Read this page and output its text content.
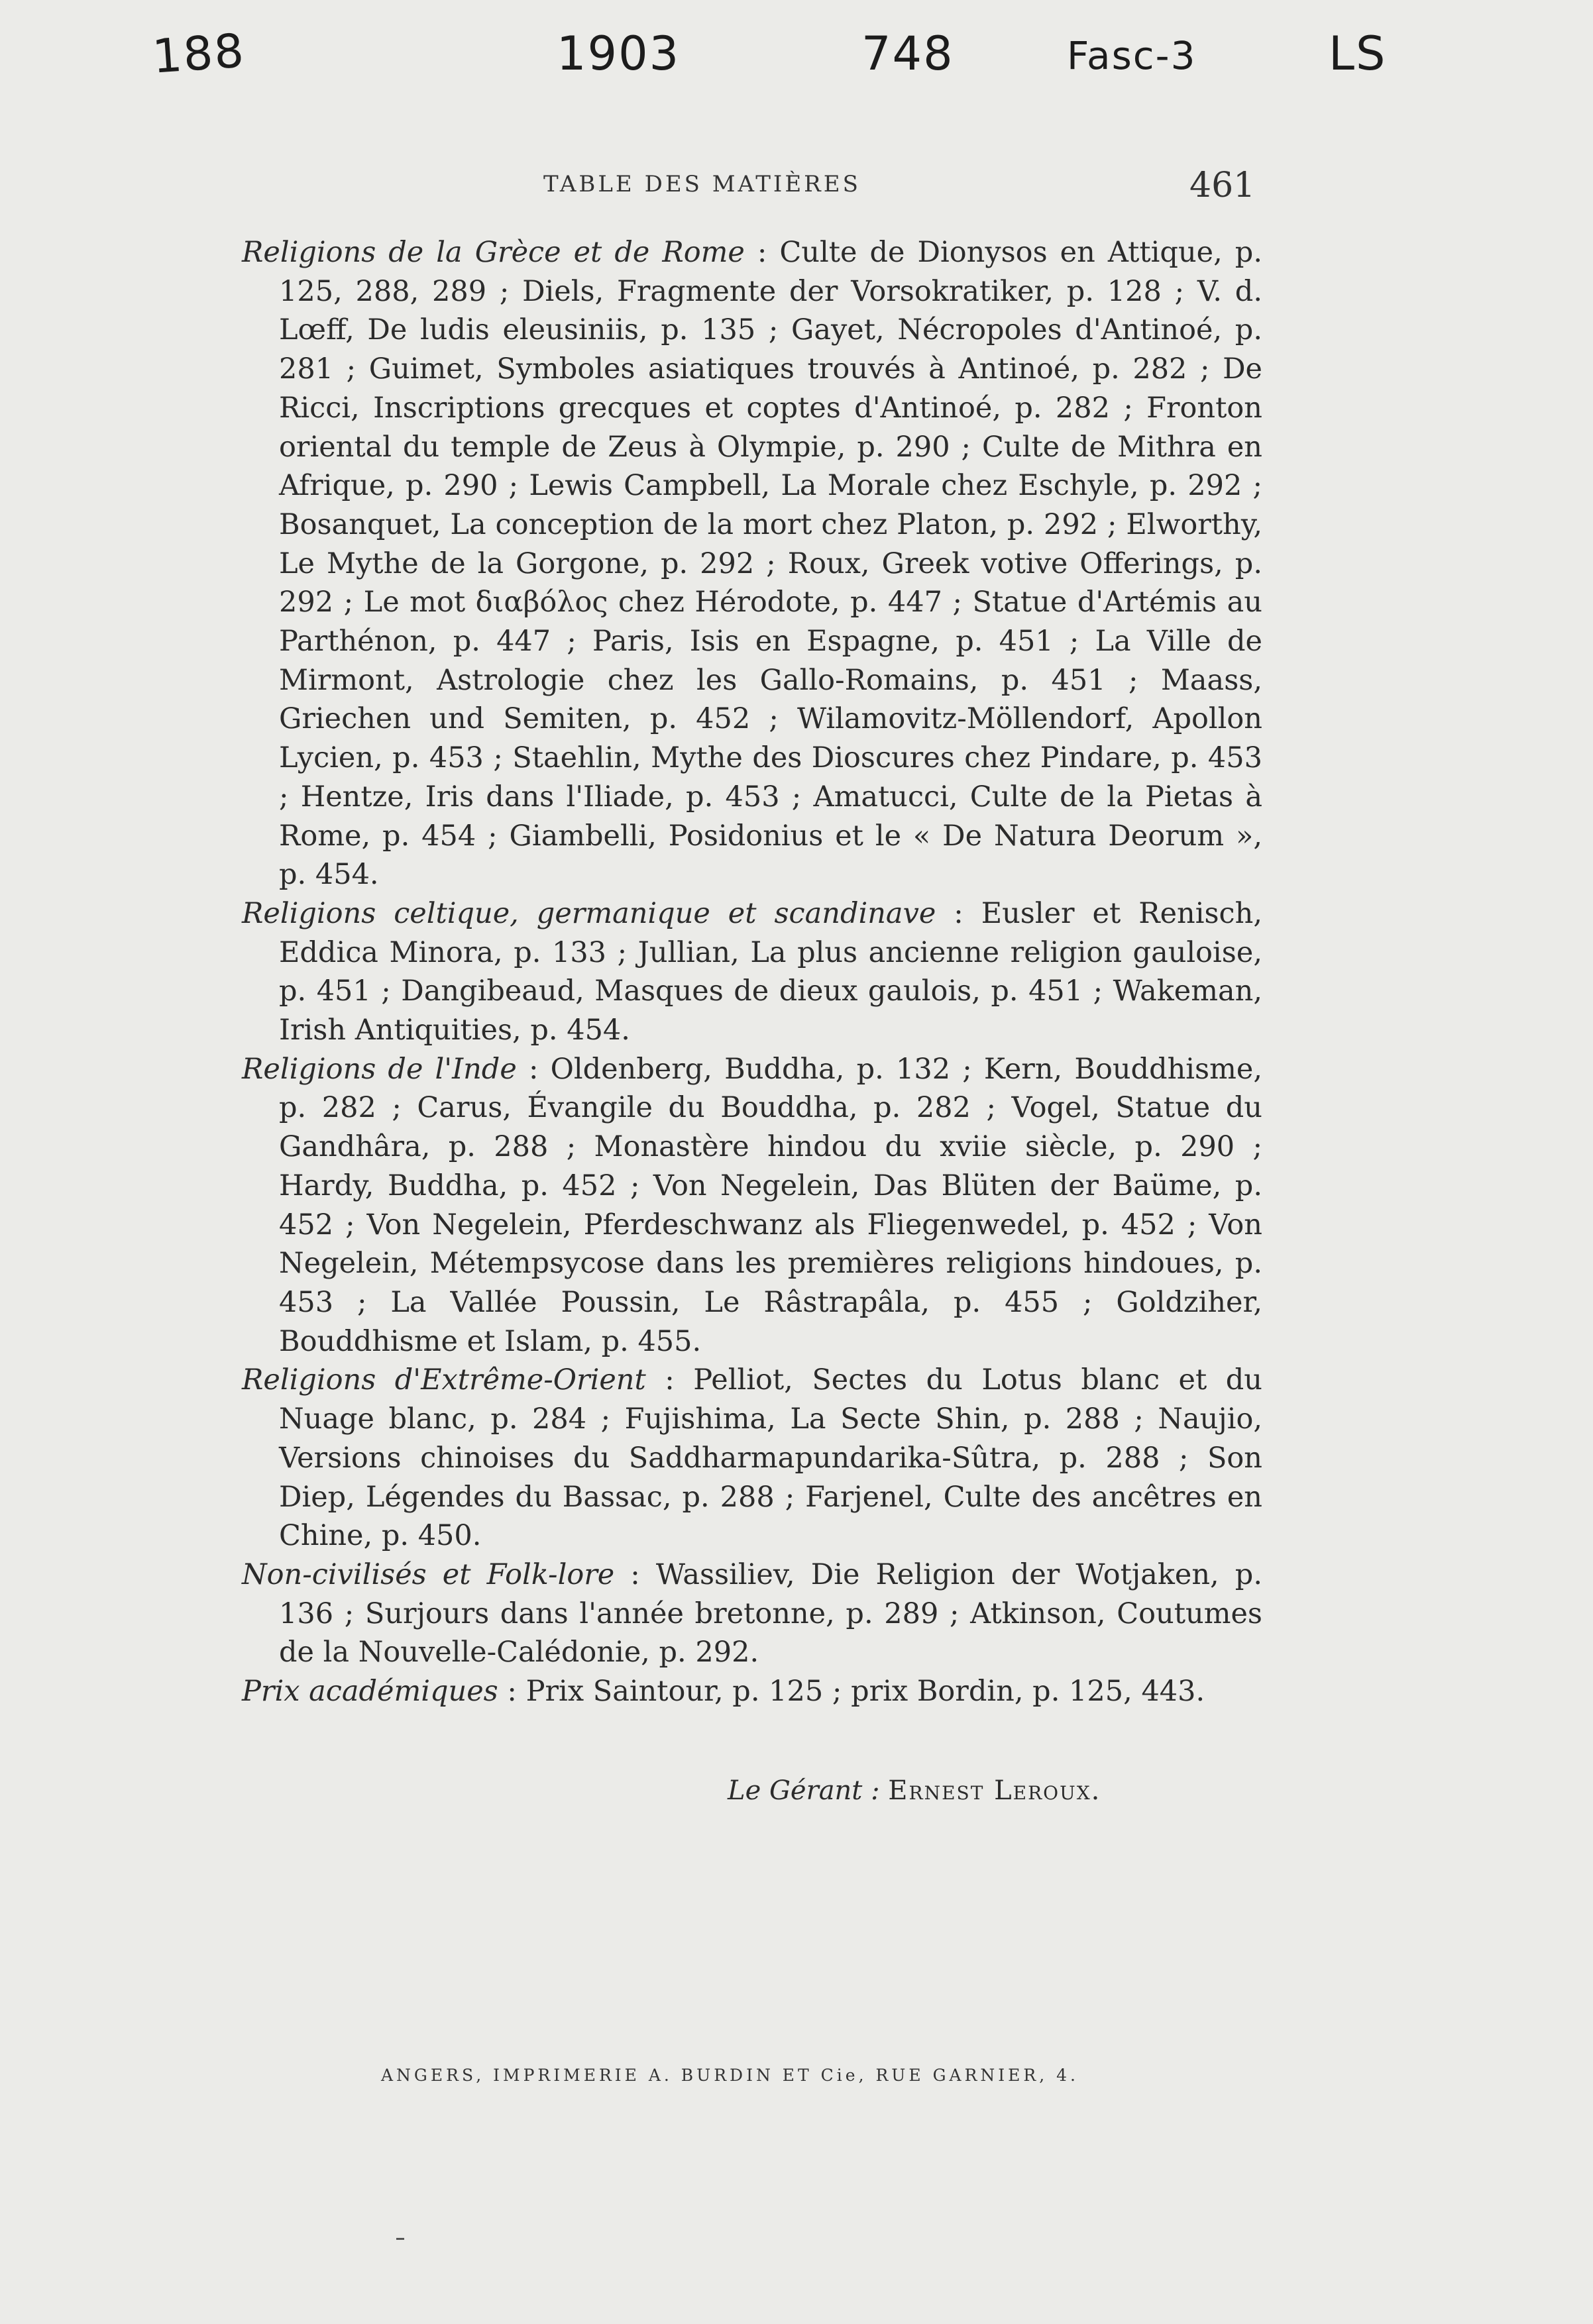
188	1903	748	Fasc-3	LS
TABLE DES MATIÈRES	461

Religions de la Grèce et de Rome : Culte de Dionysos en Attique, p. 125, 288, 289 ; Diels, Fragmente der Vorsokratiker, p. 128 ; V. d. Lœff, De ludis eleusiniis, p. 135 ; Gayet, Nécropoles d'Antinoé, p. 281 ; Guimet, Symboles asiatiques trouvés à Antinoé, p. 282 ; De Ricci, Inscriptions grecques et coptes d'Antinoé, p. 282 ; Fronton oriental du temple de Zeus à Olympie, p. 290 ; Culte de Mithra en Afrique, p. 290 ; Lewis Campbell, La Morale chez Eschyle, p. 292 ; Bosanquet, La conception de la mort chez Platon, p. 292 ; Elworthy, Le Mythe de la Gorgone, p. 292 ; Roux, Greek votive Offerings, p. 292 ; Le mot διαβόλος chez Hérodote, p. 447 ; Statue d'Artémis au Parthénon, p. 447 ; Paris, Isis en Espagne, p. 451 ; La Ville de Mirmont, Astrologie chez les Gallo-Romains, p. 451 ; Maass, Griechen und Semiten, p. 452 ; Wilamovitz-Möllendorf, Apollon Lycien, p. 453 ; Staehlin, Mythe des Dioscures chez Pindare, p. 453 ; Hentze, Iris dans l'Iliade, p. 453 ; Amatucci, Culte de la Pietas à Rome, p. 454 ; Giambelli, Posidonius et le « De Natura Deorum », p. 454.

Religions celtique, germanique et scandinave : Eusler et Renisch, Eddica Minora, p. 133 ; Jullian, La plus ancienne religion gauloise, p. 451 ; Dangibeaud, Masques de dieux gaulois, p. 451 ; Wakeman, Irish Antiquities, p. 454.

Religions de l'Inde : Oldenberg, Buddha, p. 132 ; Kern, Bouddhisme, p. 282 ; Carus, Évangile du Bouddha, p. 282 ; Vogel, Statue du Gandhâra, p. 288 ; Monastère hindou du xviie siècle, p. 290 ; Hardy, Buddha, p. 452 ; Von Negelein, Das Blüten der Baüme, p. 452 ; Von Negelein, Pferdeschwanz als Fliegenwedel, p. 452 ; Von Negelein, Métempsycose dans les premières religions hindoues, p. 453 ; La Vallée Poussin, Le Râstrapâla, p. 455 ; Goldziher, Bouddhisme et Islam, p. 455.

Religions d'Extrême-Orient : Pelliot, Sectes du Lotus blanc et du Nuage blanc, p. 284 ; Fujishima, La Secte Shin, p. 288 ; Naujio, Versions chinoises du Saddharmapundarika-Sûtra, p. 288 ; Son Diep, Légendes du Bassac, p. 288 ; Farjenel, Culte des ancêtres en Chine, p. 450.

Non-civilisés et Folk-lore : Wassiliev, Die Religion der Wotjaken, p. 136 ; Surjours dans l'année bretonne, p. 289 ; Atkinson, Coutumes de la Nouvelle-Calédonie, p. 292.

Prix académiques : Prix Saintour, p. 125 ; prix Bordin, p. 125, 443.

Le Gérant : Ernest Leroux.
ANGERS, IMPRIMERIE A. BURDIN ET Cie, RUE GARNIER, 4.
